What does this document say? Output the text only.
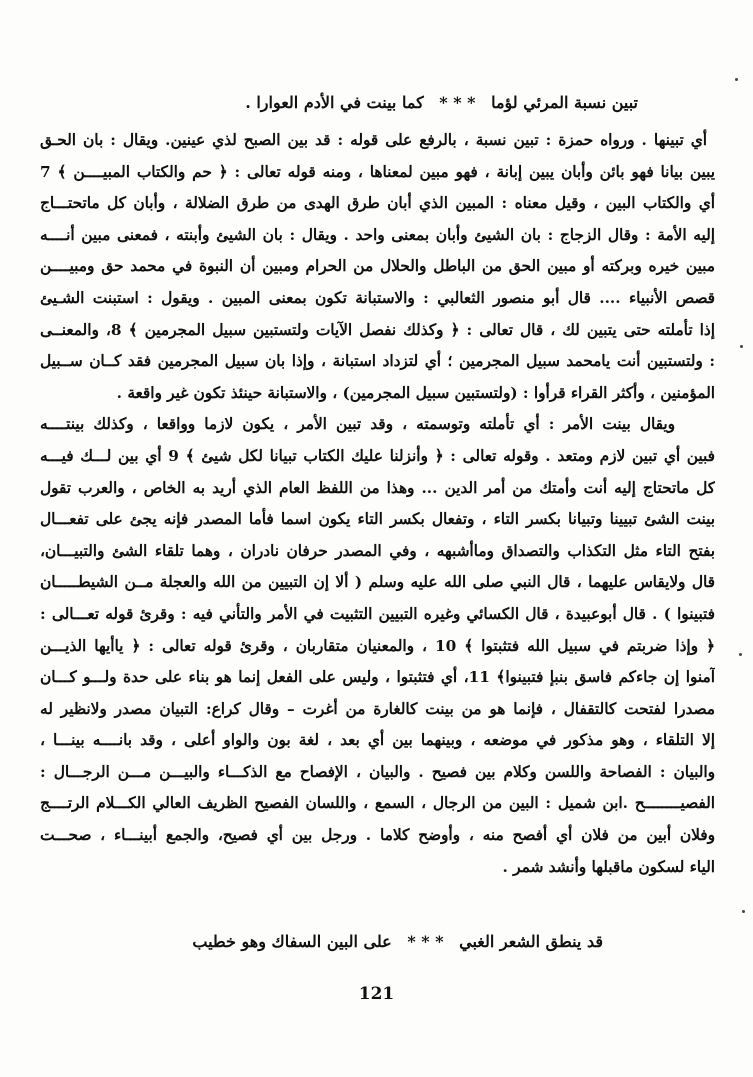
تبين نسبة المرئي لؤما * * * كما بينت في الأدم العوارا .
أي تبينها . ورواه حمزة : تبين نسبة ، بالرفع على قوله : قد بين الصبح لذي عينين. ويقال : بان الحـق
يبين بيانا فهو بائن وأبان يبين إبانة ، فهو مبين لمعناها ، ومنه قوله تعالى : ﴿ حم والكتاب المبيــــن ﴾ 7
أي والكتاب البين ، وقيل معناه : المبين الذي أبان طرق الهدى من طرق الضلالة ، وأبان كل ماتحتـــاج
إليه الأمة : وقال الزجاج : بان الشيئ وأبان بمعنى واحد . ويقال : بان الشيئ وأبنته ، فمعنى مبين أنــــه
مبين خيره وبركته أو مبين الحق من الباطل والحلال من الحرام ومبين أن النبوة في محمد حق ومبيــــن
قصص الأنبياء .... قال أبو منصور الثعالبي : والاستبانة تكون بمعنى المبين . ويقول : استبنت الشـيئ
إذا تأملته حتى يتبين لك ، قال تعالى : ﴿ وكذلك نفصل الآيات ولتستبين سبيل المجرمين ﴾ 8، والمعنــى
: ولتستبين أنت يامحمد سبيل المجرمين ؛ أي لتزداد استبانة ، وإذا بان سبيل المجرمين فقد كــان ســبيل
المؤمنين ، وأكثر القراء قرأوا : (ولتستبين سبيل المجرمين) ، والاستبانة حينئذ تكون غير واقعة .
ويقال بينت الأمر : أي تأملته وتوسمته ، وقد تبين الأمر ، يكون لازما وواقعا ، وكذلك بينتــــه
فبين أي تبين لازم ومتعد . وقوله تعالى : ﴿ وأنزلنا عليك الكتاب تبيانا لكل شيئ ﴾ 9 أي بين لـــك فيـــه
كل ماتحتاج إليه أنت وأمتك من أمر الدين ... وهذا من اللفظ العام الذي أريد به الخاص ، والعرب تقول
بينت الشئ تبيينا وتبيانا بكسر التاء ، وتفعال بكسر التاء يكون اسما فأما المصدر فإنه يجئ على تفعـــال
بفتح التاء مثل التكذاب والتصداق وماأشبهه ، وفي المصدر حرفان نادران ، وهما تلقاء الشئ والتبيـــان،
قال ولايقاس عليهما ، قال النبي صلى الله عليه وسلم ( ألا إن التبيين من الله والعجلة مــن الشيطـــــان
فتبينوا ) . قال أبوعبيدة ، قال الكسائي وغيره التبيين التثبيت في الأمر والتأني فيه : وقرئ قوله تعـــالى :
﴿ وإذا ضربتم في سبيل الله فتثبتوا ﴾ 10 ، والمعنيان متقاربان ، وقرئ قوله تعالى : ﴿ ياأيها الذيـــن
آمنوا إن جاءكم فاسق بنبإ فتبينوا﴾ 11، أي فتثبتوا ، وليس على الفعل إنما هو بناء على حدة ولـــو كـــان
مصدرا لفتحت كالتقفال ، فإنما هو من بينت كالغارة من أغرت – وقال كراع: التبيان مصدر ولانظير له
إلا التلقاء ، وهو مذكور في موضعه ، وبينهما بين أي بعد ، لغة بون والواو أعلى ، وقد بانــــه بينـــا ،
والبيان : الفصاحة واللسن وكلام بين فصيح . والبيان ، الإفصاح مع الذكـــاء والبيـــن مـــن الرجـــال :
الفصيــــــــح .ابن شميل : البين من الرجال ، السمع ، واللسان الفصيح الظريف العالي الكـــلام الرتــــج
وفلان أبين من فلان أي أفصح منه ، وأوضح كلاما . ورجل بين أي فصيح، والجمع أبينـــاء ، صحـــت
الياء لسكون ماقبلها وأنشد شمر .
قد ينطق الشعر الغبي * * * على البين السفاك وهو خطيب
121
